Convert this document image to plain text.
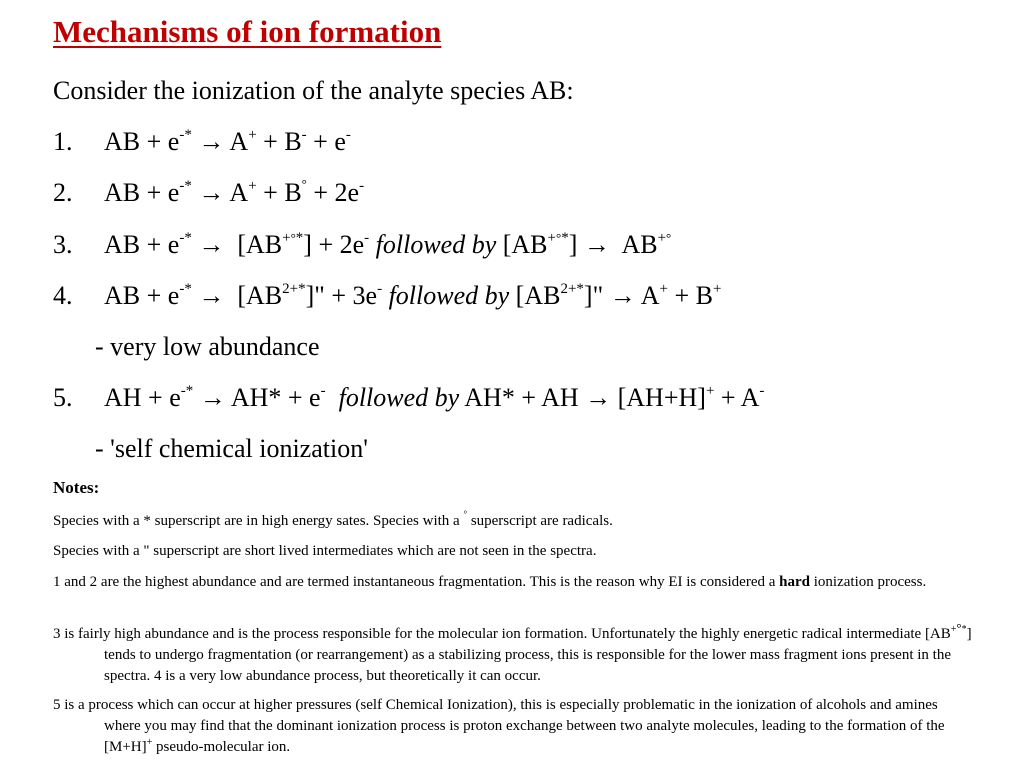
Mechanisms of ion formation
Consider the ionization of the analyte species AB:
1. AB + e-* → A+ + B- + e-
2. AB + e-* → A+ + B° + 2e-
3. AB + e-* → [AB+°*] + 2e- followed by [AB+°*] → AB+°
4. AB + $e^{-*} \to [AB^{2+*}]$" + 3e- followed by $[AB^{2+*}]$" → A+ + B+
- very low abundance
5. AH + e-* → AH* + e- followed by AH* + AH → [AH+H]+ + A-
- 'self chemical ionization'
Notes:
Species with a * superscript are in high energy sates. Species with a ° superscript are radicals.
Species with a " superscript are short lived intermediates which are not seen in the spectra.
1 and 2 are the highest abundance and are termed instantaneous fragmentation. This is the reason why EI is considered a hard ionization process.
3 is fairly high abundance and is the process responsible for the molecular ion formation. Unfortunately the highly energetic radical intermediate [AB+°*] tends to undergo fragmentation (or rearrangement) as a stabilizing process, this is responsible for the lower mass fragment ions present in the spectra. 4 is a very low abundance process, but theoretically it can occur.
5 is a process which can occur at higher pressures (self Chemical Ionization), this is especially problematic in the ionization of alcohols and amines where you may find that the dominant ionization process is proton exchange between two analyte molecules, leading to the formation of the [M+H]+ pseudo-molecular ion.
